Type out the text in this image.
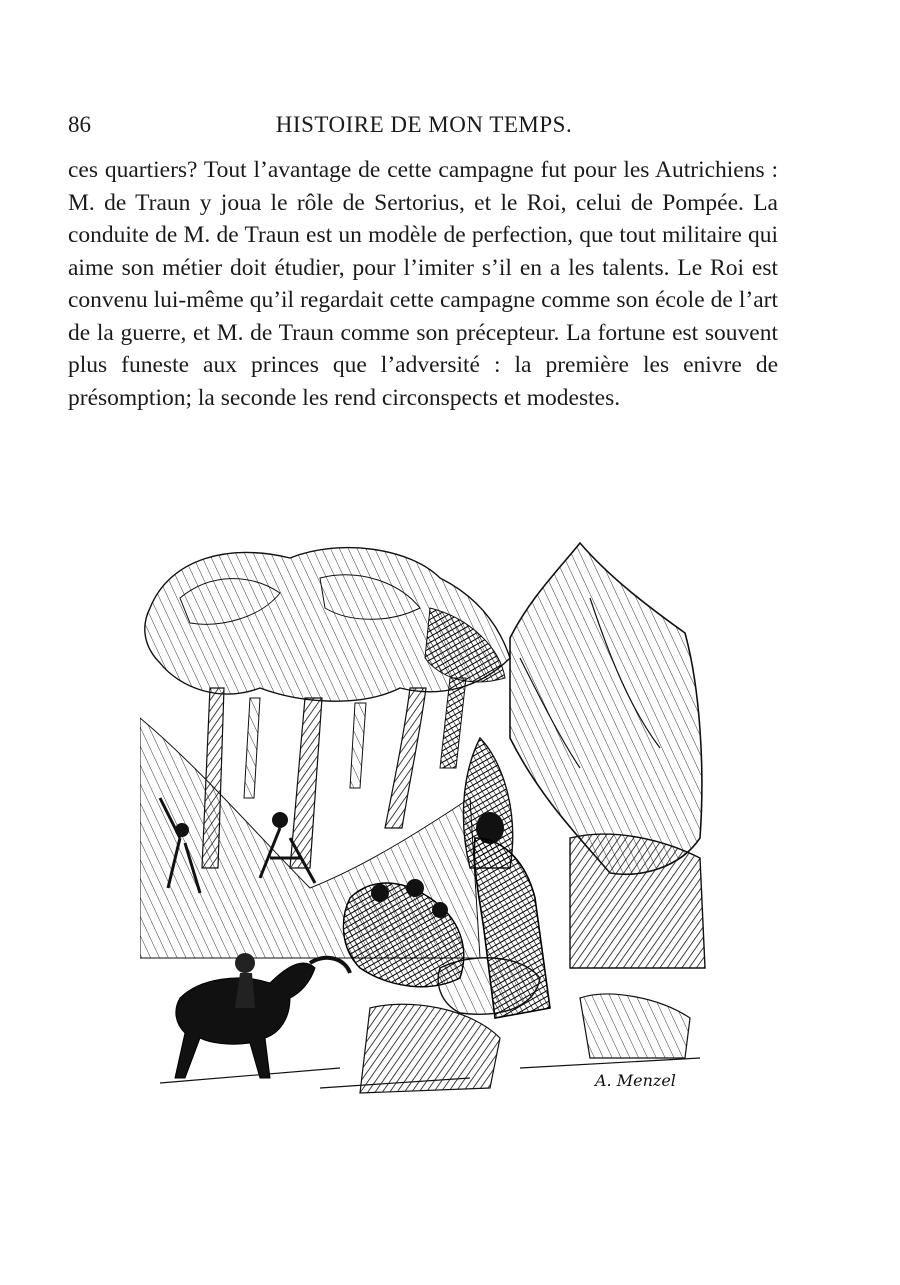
86	HISTOIRE DE MON TEMPS.

ces quartiers? Tout l’avantage de cette campagne fut pour les Autrichiens : M. de Traun y joua le rôle de Sertorius, et le Roi, celui de Pompée. La conduite de M. de Traun est un modèle de perfection, que tout militaire qui aime son métier doit étudier, pour l’imiter s’il en a les talents. Le Roi est convenu lui-même qu’il regardait cette campagne comme son école de l’art de la guerre, et M. de Traun comme son précepteur. La fortune est souvent plus funeste aux princes que l’adversité : la première les enivre de présomption; la seconde les rend circonspects et modestes.

A. Menzel
